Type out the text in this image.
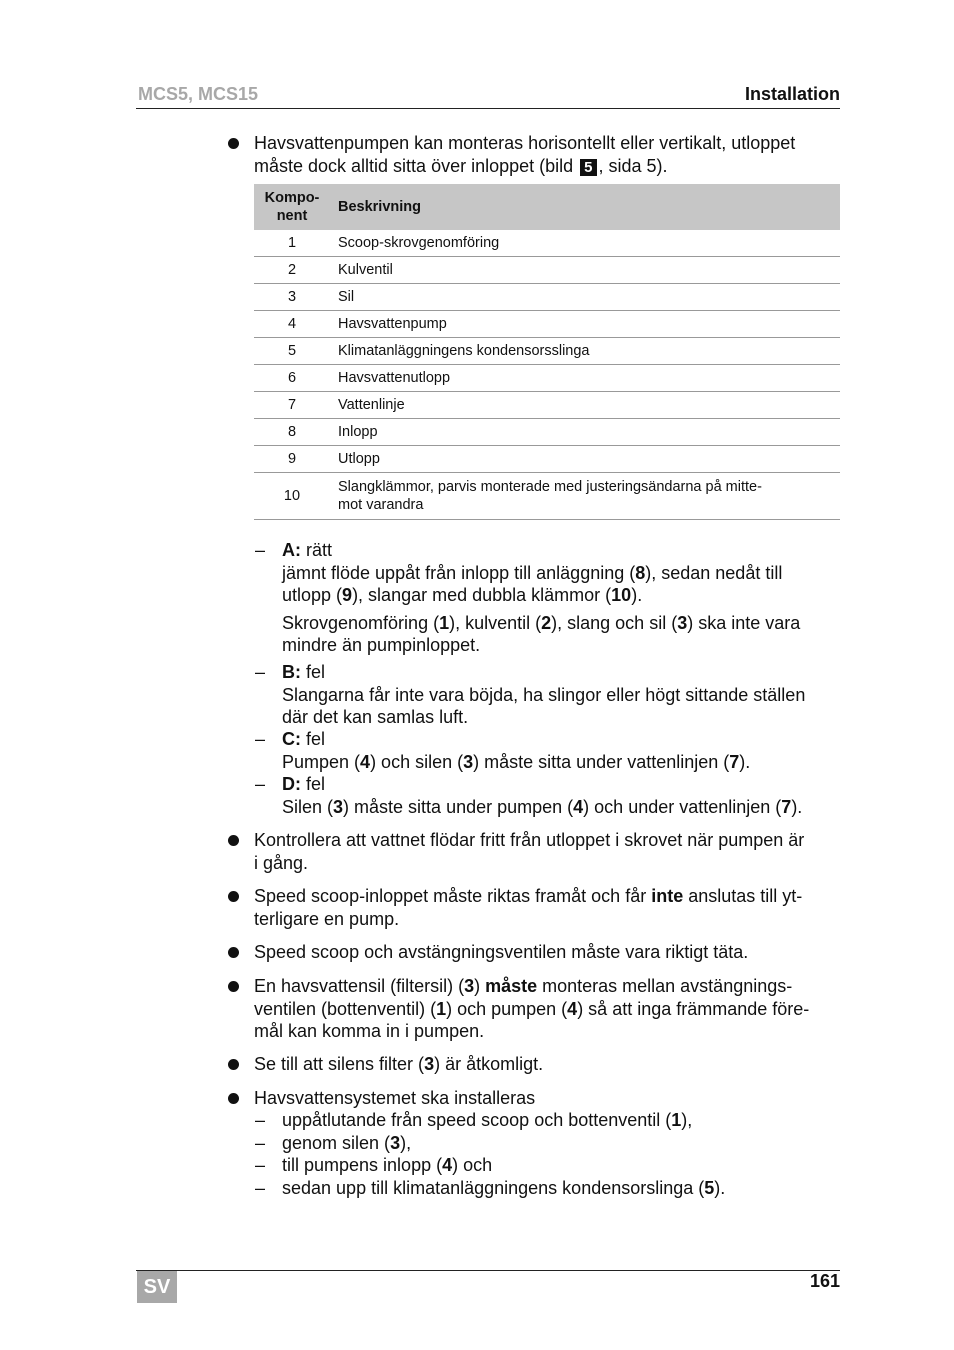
MCS5, MCS15	Installation
Havsvattenpumpen kan monteras horisontellt eller vertikalt, utloppet måste dock alltid sitta över inloppet (bild 5 , sida 5).
Kompo-
nent	Beskrivning
1	Scoop-skrovgenomföring
2	Kulventil
3	Sil
4	Havsvattenpump
5	Klimatanläggningens kondensorsslinga
6	Havsvattenutlopp
7	Vattenlinje
8	Inlopp
9	Utlopp
10	Slangklämmor, parvis monterade med justeringsändarna på mitte-
mot varandra
– A: rätt

jämnt flöde uppåt från inlopp till anläggning (8), sedan nedåt till

utlopp (9), slangar med dubbla klämmor (10).

Skrovgenomföring (1), kulventil (2), slang och sil (3) ska inte vara

mindre än pumpinloppet.

– B: fel

Slangarna får inte vara böjda, ha slingor eller högt sittande ställen

där det kan samlas luft.

– C: fel

Pumpen (4) och silen (3) måste sitta under vattenlinjen (7).

– D: fel

Silen (3) måste sitta under pumpen (4) och under vattenlinjen (7).

Kontrollera att vattnet flödar fritt från utloppet i skrovet när pumpen är
i gång.
Speed scoop-inloppet måste riktas framåt och får inte anslutas till yt-
terligare en pump.
Speed scoop och avstängningsventilen måste vara riktigt täta.
En havsvattensil (filtersil) (3) måste monteras mellan avstängnings-
ventilen (bottenventil) (1) och pumpen (4) så att inga främmande före-
mål kan komma in i pumpen.
Se till att silens filter (3) är åtkomligt.
Havsvattensystemet ska installeras
– uppåtlutande från speed scoop och bottenventil (1),

– genom silen (3),

– till pumpens inlopp (4) och

– sedan upp till klimatanläggningens kondensorslinga (5).

SV	161
